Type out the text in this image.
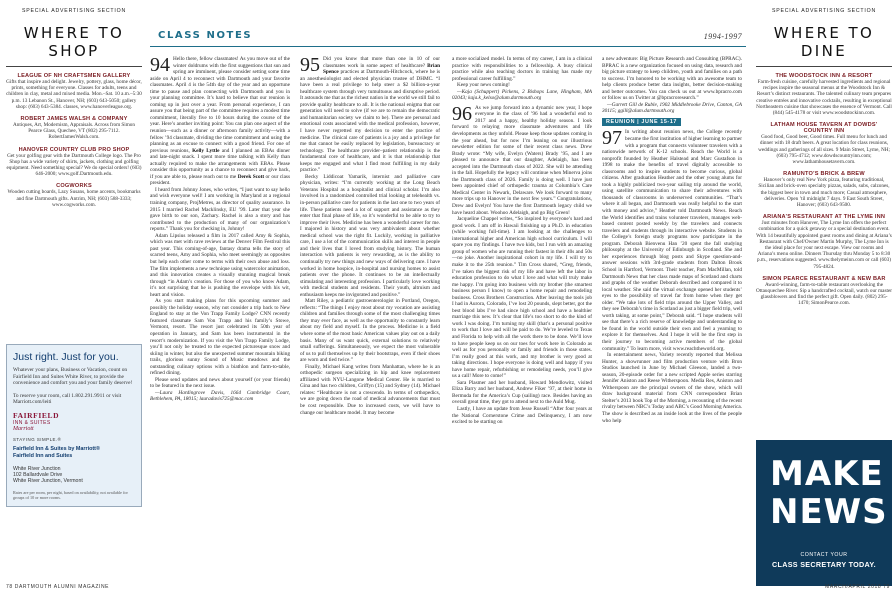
SPECIAL ADVERTISING SECTION
WHERE TO SHOP
LEAGUE OF NH CRAFTSMEN GALLERY
Gifts that inspire and delight. Jewelry, pottery, glass, home décor, prints, something for everyone. Classes for adults, teens and children in clay, metal and mixed media. Mon.–Sat. 10 a.m.–5:30 p.m. 13 Lebanon St., Hanover, NH; (603) 643-5050; gallery shop: (603) 643-5384. classes, www.hanoverleague.org.
ROBERT JAMES WALSH & COMPANY
Antiques, Art, Modernism, Appraisals. Across from Simon Pearce Glass, Quechee, VT (802) 295-7112. RobertJamesWalsh.com.
HANOVER COUNTRY CLUB PRO SHOP
Get your golfing gear with the Dartmouth College logo. The Pro Shop has a wide variety of shirts, jackets, clothing and golfing equipment. Need something special? We do special orders! (603) 646-2000; www.golf.Dartmouth.edu.
COGWORKS
Wooden cutting boards, Lazy Susans, home accents, bookmarks and fine Dartmouth gifts. Antrim, NH; (603) 588-3333; www.cogworks.com.
Just right. Just for you.
Whatever your plans, Business or Vacation, count on Fairfield Inn and Suites White River, to provide the convenience and comfort you and your family deserve!
To reserve your room, call 1.802.291.9911 or visit Marriott.com/leiti
FAIRFIELD
INN & SUITES
Marriott
STAYING SIMPLE.®
Fairfield Inn & Suites by Marriott®
Fairfield Inn and Suites
White River Junction
102 Ballardvale Drive
White River Junction, Vermont
Rates are per room, per night, based on availability, not available for groups of 10 or more rooms.
CLASS NOTES	1994-1997

94 Hello there, fellow classmates! As you move out of the winter doldrums with the first suggestions that sun and spring are imminent, please consider setting some time aside on April 4 to reconnect with Dartmouth and your favorite classmates. April 4 is the 54th day of the year and an opportune time to pause and plan connecting with Dartmouth and you in your planning committee. It’s hard to believe that our reunion is coming up in just over a year. From personal experience, I can assure you that being part of the committee requires a modest time commitment, literally five to 10 hours during the course of the year. Here’s another inviting point: You can plan one aspect of the reunion—such as a dinner or afternoon family activity—with a fellow ’94 classmate, dividing the time commitment and using the planning as an excuse to connect with a good friend. For one of previous reunions, Kelly Lyttle and I planned an EBAs dinner and late-night snack. I spent more time talking with Kelly than actually required to make the arrangements with EBAs. Please consider this opportunity as a chance to reconnect and give back, if you are able to, please reach out to me Derek Scott or our class president.

I heard from Johnny Jones, who writes, “I just want to say hello and wish everyone well! I am working in Maryland at a regional training company, ProjMetres, as director of quality assurance. In 2015 I married Rachel Macklinsky, EU ’99. Later that year she gave birth to our son, Zachary. Rachel is also a story and has contributed to the production of many of our organization’s reports.” Thank you for checking in, Johnny!

Adam Lipsius released a film in 2017 called Amy & Sophia, which was met with rave reviews at the Denver Film Festival this past year. This coming-of-age, fantasy drama tells the story of scarred teens, Amy and Sophia, who meet seemingly as opposites but help each other come to terms with their own abuse and loss. The film implements a new technique using watercolor animation, and this innovation creates a visually stunning magical break through “in Adam’s creation. For those of you who know Adam, it’s not surprising that he is pushing the envelope with his wit, heart and vision.

As you start making plans for this upcoming summer and possibly the holiday season, why not consider a trip back to New England to stay at the Von Trapp Family Lodge? CNN recently featured classmate Sam Von Trapp and his family’s Stowe, Vermont, resort. The resort just celebrated its 50th year of operation in January, and Sam has been instrumental in the resort’s modernization. If you visit the Von Trapp Family Lodge, you’ll not only be treated to the expected picturesque snow and skiing in winter, but also the unexpected summer mountain biking trails, glorious sunny Sound of Music meadows and the outstanding culinary options with a biathlon and farm-to-table, refined dining.

Please send updates and news about yourself (or your friends) to be featured in the next issue.

—Laura Hardingrove Davis, 1664 Cambridge Court, Bethlehem, PA, 18015; lauradavis725@mac.com

95 Did you know that more than one in 10 of our classmates work in some aspect of healthcare? Brian Spence practices at Dartmouth-Hitchcock, where he is an anesthesiologist and elected physician trustee of DHMC. “I have been a real privilege to help steer a $2 billion-a-year healthcare system through very tumultuous and disruptive period. It astounds me that as the richest nation in the world we still fail to provide quality healthcare to all. It is the national enigma that our generation will need to solve (if we are to remain the democratic and humanitarian society we claim to be). There are personal and emotional costs associated with the medical profession, however, I have never regretted my decision to enter the practice of medicine. The clinical care of patients is a joy and a privilege for me that cannot be easily replaced by legislation, bureaucracy or technology. The healthcare provider–patient relationship is the fundamental core of healthcare, and it is that relationship that keeps me engaged and what I find most fulfilling in my daily practice.”

Becky Liddicoat Yamarik, internist and palliative care physician, writes: “I’m currently working at the Long Beach Veterans Hospital as a hospitalist and clinical scholar. I’m also involved in a randomized controlled trial looking at telehealth vs. in-person palliative care for patients in the last one to two years of life. These patients need a lot of support and assistance as they enter that final phase of life, so it’s wonderful to be able to try to improve their lives. Medicine has been a wonderful career for me. I majored in history and was very ambivalent about whether medical school was the right fit. Luckily, working in palliative care, I use a lot of the communication skills and interest in people and their lives that I loved from studying history. The human interaction with patients is very rewarding, as is the ability to continually try new things and new ways of delivering care. I have worked in home hospice, in-hospital and nursing homes to assist patients over the phone. It continues to be an intellectually stimulating and interesting profession. I particularly love working with medical students and residents. Their youth, altruism and enthusiasm keeps me invigorated and positive.”

Matt Riley, a pediatric gastroenterologist in Portland, Oregon, reflects: “The things I enjoy most about my vocation are assisting children and families through some of the most challenging times they may ever face, as well as the opportunity to constantly learn about my field and myself. In the process. Medicine is a field where some of the most basic American values play out on a daily basis. Many of us want quick, external solutions to relatively small sufferings. Simultaneously, we expect the most vulnerable of us to pull themselves up by their bootstraps, even if their shoes are worn and tied twice.”

Finally, Michael Kang writes from Manhattan, where he is an orthopedic surgeon specializing in hip and knee replacement affiliated with NYU-Langone Medical Center. He is married to Gina and has two children, Griffyn (15) and Sydney (14). Michael relates: “Healthcare is not a crescendo. In terms of orthopedics, we are going down the road of medical advancements that must be cost responsible. Due to increased costs, we will have to change our healthcare model. It may become

a more socialized model. In terms of my career, I am in a clinical practice with responsibilities to a fellowship. A busy clinical practice while also teaching doctors in training has made my professional career fulfilling.”

Keep your news coming!

—Kaja (Schuppert) Pickens, 2 Bishops Lane, Hingham, MA 02043; kaja.k_kelso@alum.dartmouth.org

96 As we jump forward into a dynamic new year, I hope everyone in the class of ’96 had a wonderful end to 2017 and a happy, healthy holiday season. I look forward to relaying more classmate adventures and life developments as they unfold. Please keep those updates coming in the year ahead, but for now I’m leaning on our illustrious newsletter edition for some of their recent class news. Drew Brady wrote: “My wife, Evelyn (Waters) Brady ’95, and I are pleased to announce that our daughter, Adelaigh, has been accepted into the Dartmouth class of 2022. She will be attending in the fall. Hopefully the legacy will continue when Minerva joins the Dartmouth class of 2026. Family is doing well. I have just been appointed chief of orthopedic trauma at Columbia’s Care Medical Center in Newark, Delaware. We look forward to many more trips up to Hanover in the next few years.” Congratulations, Drew and Evelyn! You have the first Dartmouth legacy child we have heard about. Woohoo Adelaigh, and go Big Green!

Jacqueline Chappel writes, “So inspired by everyone’s hard and good work. I am off in Hawaii finishing up a Ph.D. in education (while working full-time). I am looking at the challenges to international higher and American high school curriculum. I will spare you my findings. I have two kids, but I run with an amazing group of women who are running their fastest in their 40s and 50s—no joke. Another inspirational cohort in my life. I will try to make it to the 25th reunion.” Tim Cross shared, “Greg, friends, I’ve taken the biggest risk of my life and have left the labor in education profession to do what I love and what will truly make me happy. I’m going into business with my brother (the smartest business person I know) to open a home repair and remodeling business. Cross Brothers Construction. After leaving the tools job I had in Aurora, Colorado, I’ve lost 20 pounds, slept better, got the best blood labs I’ve had since high school and have a healthier marriage this new. It’s clear that life’s too short to do the kind of work I was doing. I’m turning my skill (that’s a personal positive to work that I love and will be paid to do. We’re leveled to Texas and Florida to help with all the work there to be done. We’ll love to have people keep us on our toes for work here in Colorado as well as for you personally or family and friends in those states. I’m really good at this work, and my brother is very good at taking directions. I hope everyone is doing well and happy if you have home repair, refurbishing or remodeling needs, you’ll give us a call! More to come!”

Sara Plasmer and her husband, Howard Mendlowitz, visited Eliza Barry and her husband, Andrew Fiker ’97, at their home in Bermuda for the America’s Cup (sailing) race. Besides having an overall great time, they got to attend next to the Auld Mug.

Lastly, I have an update from Jesse Russell “After four years at the National Cornerstone Crime and Delinquency, I am now excited to be starting on

a new adventure: Big Picture Research and Consulting (BPRAC). BPRAC is a new organization focused on using data, research and big picture strategy to keep children, youth and families on a path to success. I’m honored to be working with an awesome team to help clients produce better data insights, better decision-making and better outcomes. You can check us out at www.bpracro.com or follow us on Twitter at @bpracroresearch.”

—Garrett Gill de Ruble, 1902 Middlebrooke Drive, Canton, GA 30115; ggill@alum.dartmouth.org

REUNION | JUNE 15-17

97 In writing about reunion news, the College recently became the first institution of higher learning to partner with a program that connects volunteer travelers with a nationwide network of K-12 schools. Reach the World is a nonprofit founded by Heather Halstead and Marc Gustafson in 1998 to make the benefits of travel digitally accessible to classrooms and to inspire students to become curious, global citizens. After graduation Heather and the other young alums for took a highly publicized two-year sailing trip around the world, using satellite communication to share their adventures with thousands of classrooms in underserved communities. “That’s where it all began, and Dartmouth was really helpful to the start with money and advice,” Heather told Dartmouth News. Reach the World identifies and trains volunteer travelers, manages web-based content posted weekly by the travelers and connects travelers and students through its interactive website. Students in the College’s foreign study programs now participate in the program. Deborah Bienvenu Han ’20 spent the fall studying philosophy at the University of Edinburgh in Scotland. She and her experiences through blog posts and Skype question-and-answer sessions with 3rd-grade students from Dalton Brook School in Hartford, Vermont. Their teacher, Pam MacMillan, told Dartmouth News that her class made maps of Scotland and charts and graphs of the weather Deborah described and compared it to local weather. She said the virtual exchange opened her students’ eyes to the possibility of travel far from home when they get older. “We take lots of field trips around the Upper Valley, and they see Deborah’s time in Scotland as just a bigger field trip, well worth taking, at some point,” Deborah said. “I hope students will see that there’s a rich reserve of knowledge and understanding to be found in the world outside their own and feel a yearning to explore it for themselves. And I hope it will be the first step in their journey to becoming active members of the global community.” To learn more, visit www.reachtheworld.org.

In entertainment news, Variety recently reported that Melissa Hunter, a showrunner and film production venture with Bron Studios launched in June by Michael Gleeson, landed a two-season, 20-episode order for a new scripted Apple series starring Jennifer Aniston and Reese Witherspoon. Media Res, Aniston and Witherspoon are the principal owners of the show, which will draw background material from CNN correspondent Brian Stelter’s 2013 book Top of the Morning, a recounting of the recent rivalry between NBC’s Today and ABC’s Good Morning America. The show is described as an inside look at the lives of the people who help

SPECIAL ADVERTISING SECTION
WHERE TO DINE
THE WOODSTOCK INN & RESORT
Farm-fresh cuisine, carefully harvested ingredients and regional recipes inspire the seasonal menus at the Woodstock Inn & Resort’s distinct restaurants. The talented culinary team prepares creative entrées and innovative cocktails, resulting in exceptional Northeastern cuisine that showcases the essence of Vermont. Call (844) 545-4178 or visit www.woodstockinn.com.
LATHAM HOUSE TAVERN AT DOWDS’ COUNTRY INN
Good food, Good beer, Good times. Full menu for lunch and dinner with 18 draft beers. A great location for class reunions, weddings and gatherings of all sizes. 9 Main Street, Lyme, NH; (603) 795-4712; www.dowdscountryinn.com; www.lathamhousetavern.com.
RAMUNTO’S BRICK & BREW
Hanover’s only real New York pizza, featuring traditional, Sicilian and brick-oven specialty pizzas, salads, subs, calzones, the biggest beer in town and much more; Casual atmosphere, deliveries. Open ’til midnight 7 days. 9 East South Street, Hanover; (603) 643-9500.
ARIANA’S RESTAURANT AT THE LYME INN
Just minutes from Hanover, The Lyme Inn offers the perfect combination for a quick getaway or a special destination event. With 14 beautifully appointed guest rooms and dining at Ariana’s Restaurant with Chef/Owner Martin Murphy, The Lyme Inn is the ideal place for your next escape. View our rooms and Ariana’s menu online. Dinners Thursday thru Monday 5 to 8:30 p.m., reservations suggested. www.thelymeinn.com or call (603) 795-4824.
SIMON PEARCE RESTAURANT & NEW BAR
Award-winning, farm-to-table restaurant overlooking the Ottauquechee River. Sip a handcrafted cocktail, watch our master glassblowers and find the perfect gift. Open daily. (802) 295-1470; SimonPearce.com.
MAKE
NEWS
CONTACT YOUR
CLASS SECRETARY TODAY.
78 DARTMOUTH ALUMNI MAGAZINE	MARCH/APRIL 2018 79
